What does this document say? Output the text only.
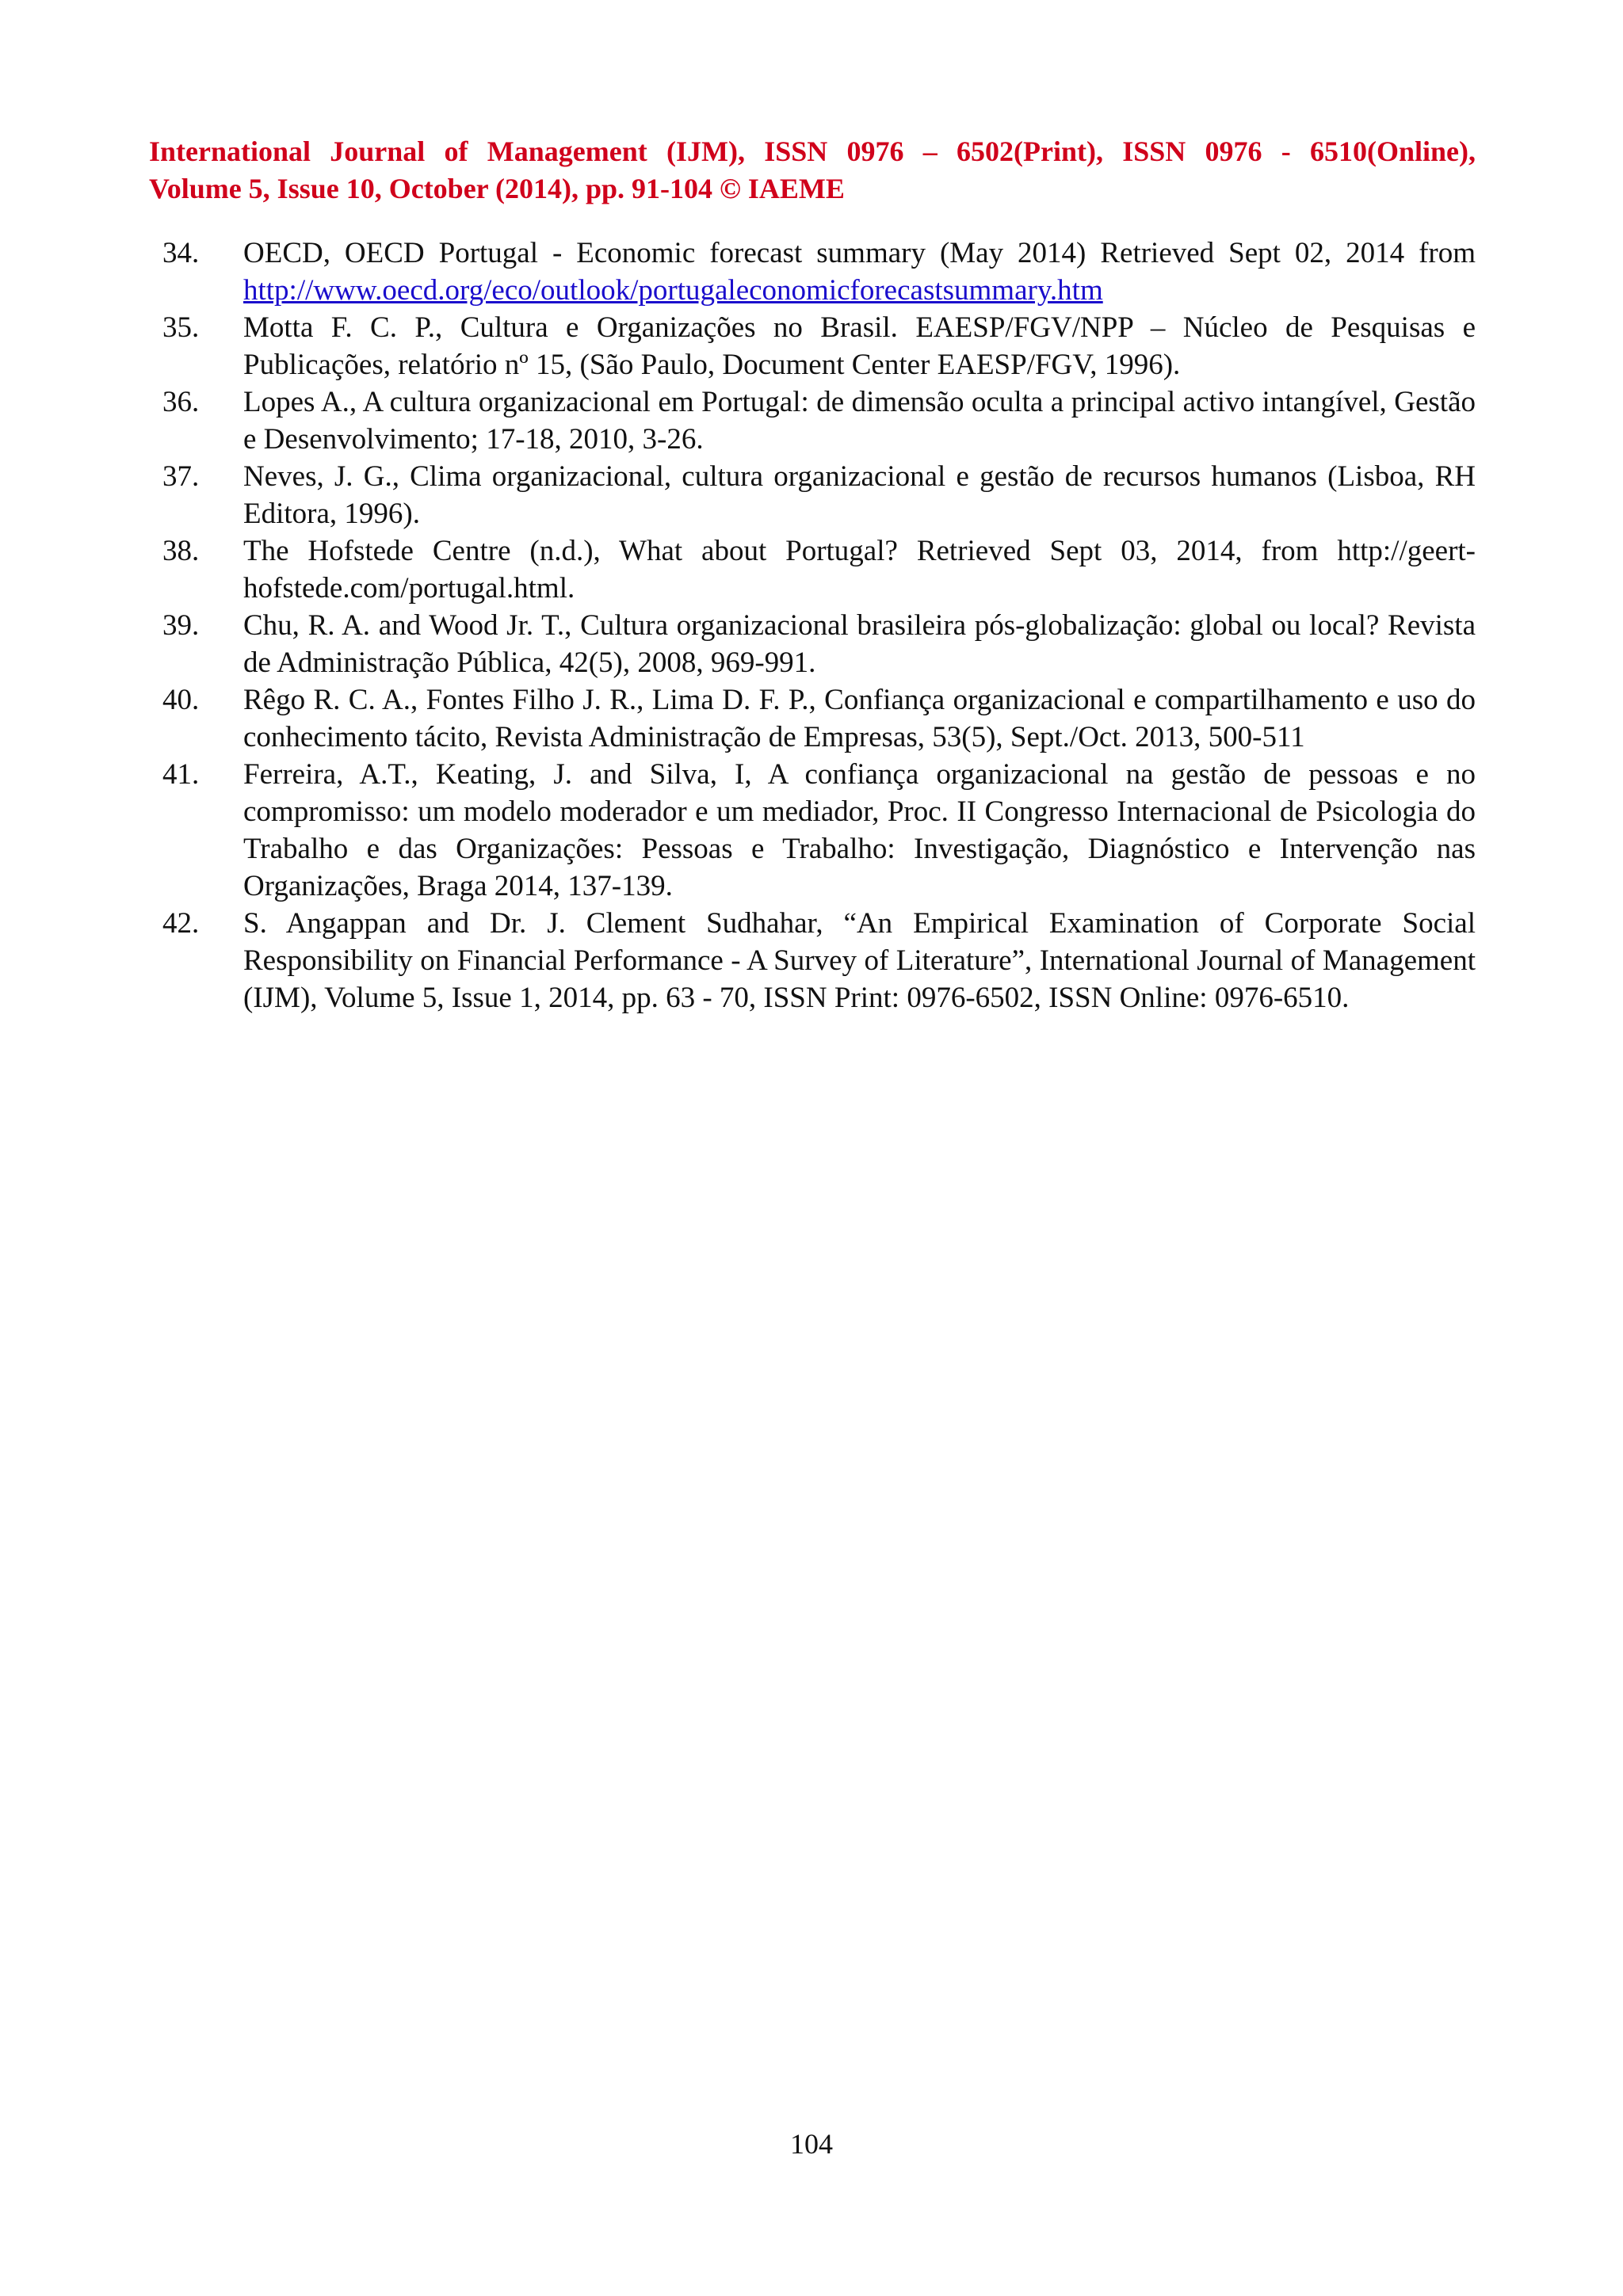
International Journal of Management (IJM), ISSN 0976 – 6502(Print), ISSN 0976 - 6510(Online),
Volume 5, Issue 10, October (2014), pp. 91-104 © IAEME
34.	OECD, OECD Portugal - Economic forecast summary (May 2014) Retrieved Sept 02, 2014 from http://www.oecd.org/eco/outlook/portugaleconomicforecastsummary.htm
35.	Motta F. C. P., Cultura e Organizações no Brasil. EAESP/FGV/NPP – Núcleo de Pesquisas e Publicações, relatório nº 15, (São Paulo, Document Center EAESP/FGV, 1996).
36.	Lopes A., A cultura organizacional em Portugal: de dimensão oculta a principal activo intangível, Gestão e Desenvolvimento; 17-18, 2010, 3-26.
37.	Neves, J. G., Clima organizacional, cultura organizacional e gestão de recursos humanos (Lisboa, RH Editora, 1996).
38.	The Hofstede Centre (n.d.), What about Portugal? Retrieved Sept 03, 2014, from http://geert-hofstede.com/portugal.html.
39.	Chu, R. A. and Wood Jr. T., Cultura organizacional brasileira pós-globalização: global ou local? Revista de Administração Pública, 42(5), 2008, 969-991.
40.	Rêgo R. C. A., Fontes Filho J. R., Lima D. F. P., Confiança organizacional e compartilhamento e uso do conhecimento tácito, Revista Administração de Empresas, 53(5), Sept./Oct. 2013, 500-511
41.	Ferreira, A.T., Keating, J. and Silva, I, A confiança organizacional na gestão de pessoas e no compromisso: um modelo moderador e um mediador, Proc. II Congresso Internacional de Psicologia do Trabalho e das Organizações: Pessoas e Trabalho: Investigação, Diagnóstico e Intervenção nas Organizações, Braga 2014, 137-139.
42.	S. Angappan and Dr. J. Clement Sudhahar, “An Empirical Examination of Corporate Social Responsibility on Financial Performance - A Survey of Literature”, International Journal of Management (IJM), Volume 5, Issue 1, 2014, pp. 63 - 70, ISSN Print: 0976-6502, ISSN Online: 0976-6510.
104
